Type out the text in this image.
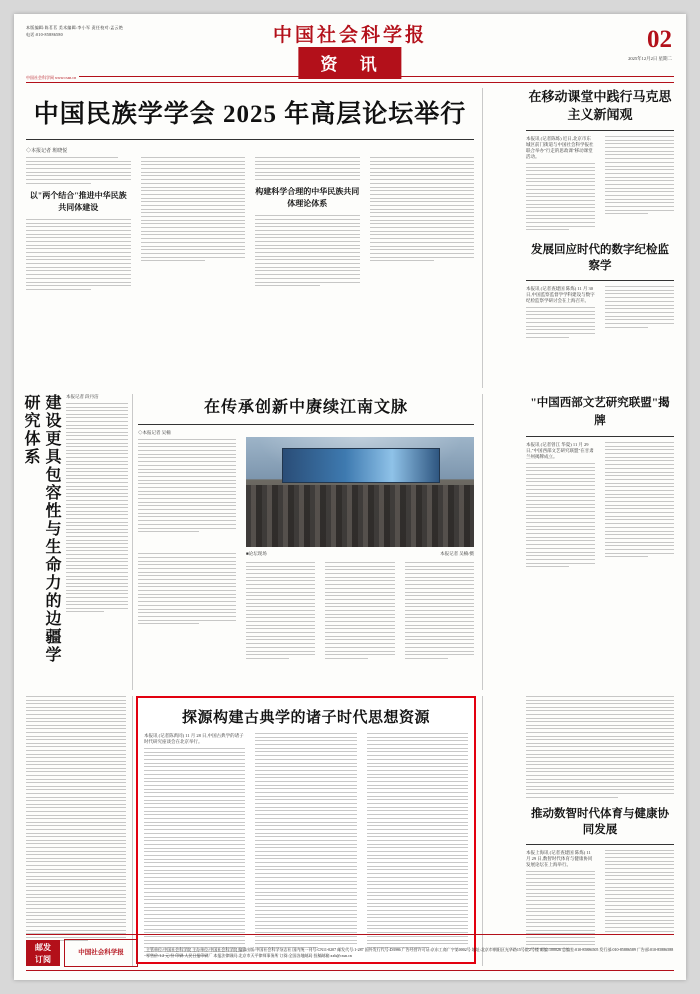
本版编辑:陈茗茗 美术编辑:李小军 责任校对:孟云艳
电话:010-85886580	中国社会科学报
资 讯
02
2025年12月2日 星期二
中国社会科学网 www.cssn.cn
中国民族学学会 2025 年高层论坛举行
◇本报记者 班晓悦
以"两个结合"推进中华民族共同体建设
构建科学合理的中华民族共同体理论体系
在移动课堂中践行马克思主义新闻观
本报讯 (记者陈炼) 近日,北京市东城区前门街道与中国社会科学报社联合举办"行走的思政课"移动课堂活动。
发展回应时代的数字纪检监察学
本报讯 (记者查建国 陈炼) 11 月 30 日,中国监察监督学学科建设与数字纪检监察学研讨会在上海召开。
建设更具包容性与生命力的边疆学研究体系	本报记者 段丹洁
在传承创新中赓续江南文脉
◇本报记者 吴楠

■论坛现场	本报记者 吴楠/摄
"中国西部文艺研究联盟"揭牌
本报讯 (记者曾江 华夏) 11 月 29 日,"中国西部文艺研究联盟"在甘肃兰州揭牌成立。
探源构建古典学的诸子时代思想资源
本报讯 (记者陈禹同) 11 月 28 日,中国古典学的诸子时代研究座谈会在北京举行。
推动数智时代体育与健康协同发展
本报上海讯 (记者查建国 陈炼) 11 月 29 日,数智时代体育与健康协同发展论坛在上海举行。
邮发
订阅
中国社会科学报	主管单位:中国社会科学院 主办单位:中国社会科学院 编辑出版:中国社会科学杂志社 国内统一刊号:CN11-0207 邮发代号:1-287 国外发行代号:D3986 广告经营许可证:京东工商广字第0002号 地址:北京市朝阳区光华路15号院2号楼 邮编:100026 总编室:010-85886505 发行部:010-85886589 广告部:010-85886588
零售价:1.2 元/份 印刷:人民日报印刷厂 本报法律顾问:北京市天平律师事务所 订阅:全国各地邮局 投稿邮箱:zxb@cssn.cn
